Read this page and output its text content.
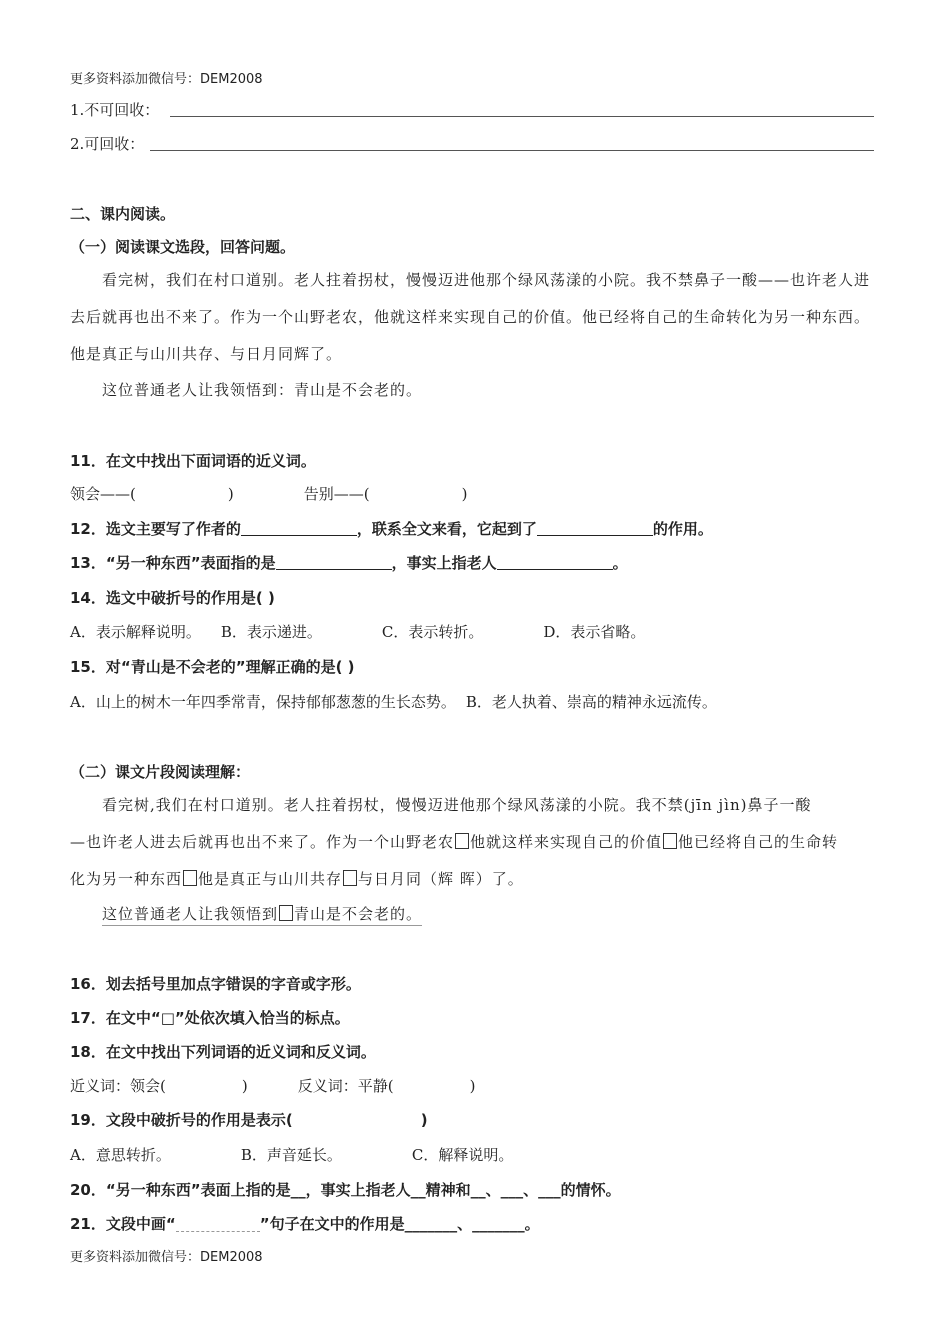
更多资料添加微信号：DEM2008
1.不可回收：
2.可回收：
二、课内阅读。
（一）阅读课文选段，回答问题。
看完树，我们在村口道别。老人拄着拐杖，慢慢迈进他那个绿风荡漾的小院。我不禁鼻子一酸——也许老人进去后就再也出不来了。作为一个山野老农，他就这样来实现自己的价值。他已经将自己的生命转化为另一种东西。他是真正与山川共存、与日月同辉了。
这位普通老人让我领悟到：青山是不会老的。
11．在文中找出下面词语的近义词。
领会——(	)	告别——(	)
12．选文主要写了作者的	，联系全文来看，它起到了	的作用。
13．“另一种东西”表面指的是	，事实上指老人	。
14．选文中破折号的作用是( )
A．表示解释说明。 B．表示递进。	C．表示转折。	D．表示省略。
15．对“青山是不会老的”理解正确的是( )
A．山上的树木一年四季常青，保持郁郁葱葱的生长态势。 B．老人执着、崇高的精神永远流传。
（二）课文片段阅读理解：
看完树,我们在村口道别。老人拄着拐杖，慢慢迈进他那个绿风荡漾的小院。我不禁(jīn jìn)鼻子一酸
—也许老人进去后就再也出不来了。作为一个山野老农 他就这样来实现自己的价值 他已经将自己的生命转
化为另一种东西 他是真正与山川共存 与日月同（辉 晖）了。
这位普通老人让我领悟到 青山是不会老的。
16．划去括号里加点字错误的字音或字形。
17．在文中“□”处依次填入恰当的标点。
18．在文中找出下列词语的近义词和反义词。
近义词：领会(	)	反义词：平静(	)
19．文段中破折号的作用是表示(	)
A．意思转折。	B．声音延长。	C．解释说明。
20．“另一种东西”表面上指的是__，事实上指老人__精神和__、___、___的情怀。
21．文段中画“	”句子在文中的作用是_______、_______。
更多资料添加微信号：DEM2008
